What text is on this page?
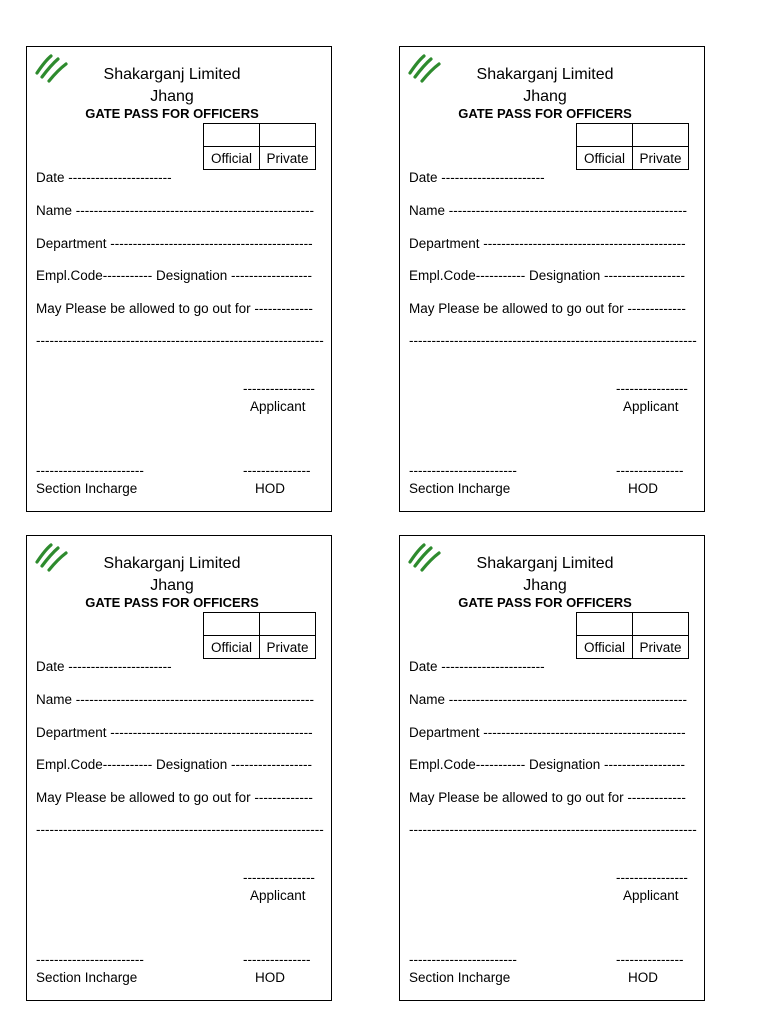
Shakarganj Limited
Jhang
GATE PASS FOR OFFICERS
Official	Private
Date -----------------------
Name -----------------------------------------------------
Department ---------------------------------------------
Empl.Code----------- Designation ------------------
May Please be allowed to go out for -------------
----------------------------------------------------------------
----------------
Applicant
------------------------
Section Incharge
---------------
HOD
Shakarganj Limited
Jhang
GATE PASS FOR OFFICERS
Official	Private
Date -----------------------
Name -----------------------------------------------------
Department ---------------------------------------------
Empl.Code----------- Designation ------------------
May Please be allowed to go out for -------------
----------------------------------------------------------------
----------------
Applicant
------------------------
Section Incharge
---------------
HOD
Shakarganj Limited
Jhang
GATE PASS FOR OFFICERS
Official	Private
Date -----------------------
Name -----------------------------------------------------
Department ---------------------------------------------
Empl.Code----------- Designation ------------------
May Please be allowed to go out for -------------
----------------------------------------------------------------
----------------
Applicant
------------------------
Section Incharge
---------------
HOD
Shakarganj Limited
Jhang
GATE PASS FOR OFFICERS
Official	Private
Date -----------------------
Name -----------------------------------------------------
Department ---------------------------------------------
Empl.Code----------- Designation ------------------
May Please be allowed to go out for -------------
----------------------------------------------------------------
----------------
Applicant
------------------------
Section Incharge
---------------
HOD
